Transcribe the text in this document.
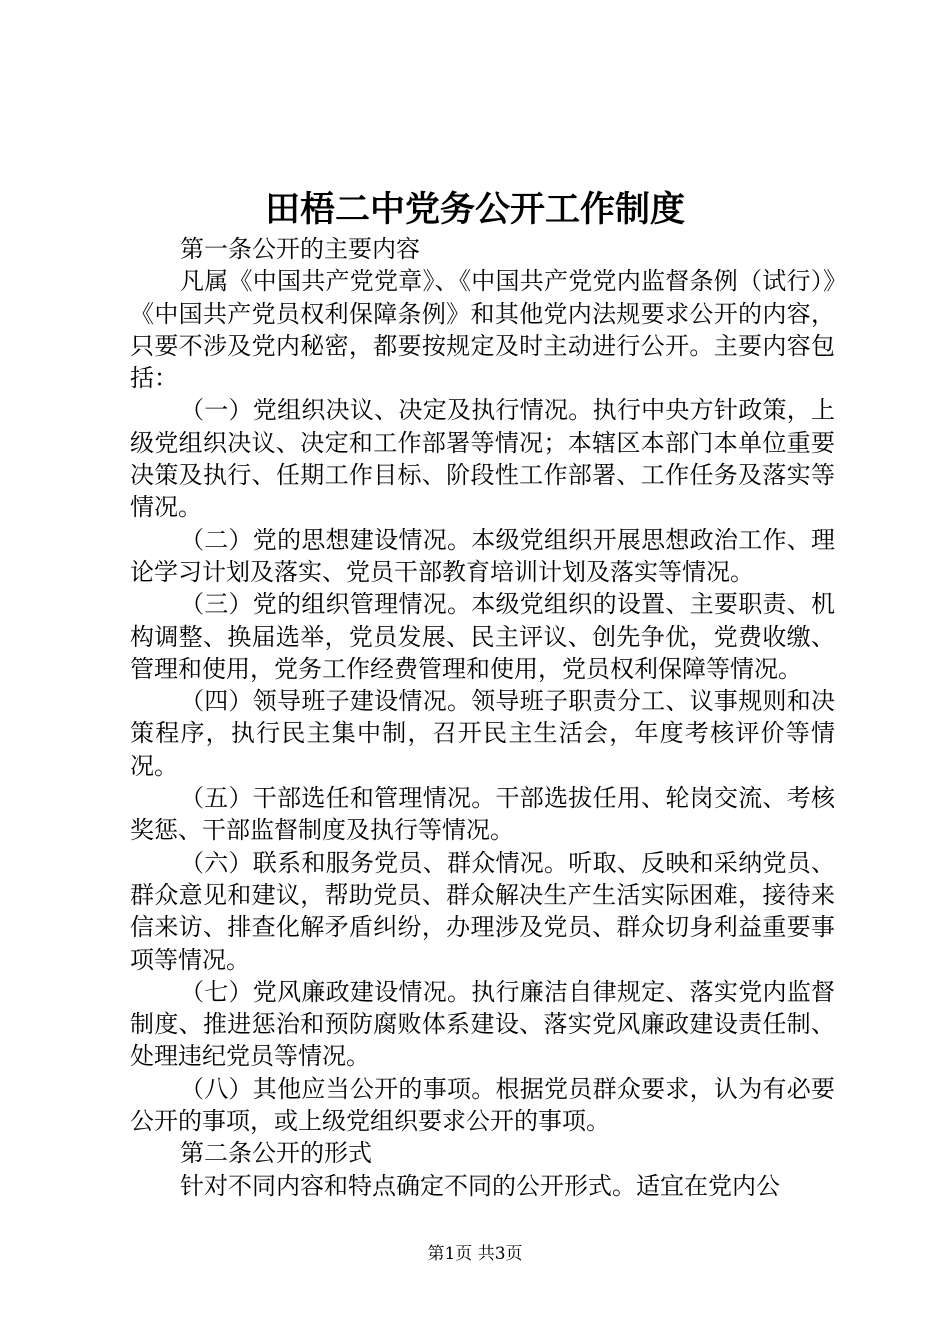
田梧二中党务公开工作制度

第一条公开的主要内容

凡属《中国共产党党章》、《中国共产党党内监督条例（试行）》《中国共产党员权利保障条例》和其他党内法规要求公开的内容，只要不涉及党内秘密，都要按规定及时主动进行公开。主要内容包括：

（一）党组织决议、决定及执行情况。执行中央方针政策，上级党组织决议、决定和工作部署等情况；本辖区本部门本单位重要决策及执行、任期工作目标、阶段性工作部署、工作任务及落实等情况。

（二）党的思想建设情况。本级党组织开展思想政治工作、理论学习计划及落实、党员干部教育培训计划及落实等情况。

（三）党的组织管理情况。本级党组织的设置、主要职责、机构调整、换届选举，党员发展、民主评议、创先争优，党费收缴、管理和使用，党务工作经费管理和使用，党员权利保障等情况。

（四）领导班子建设情况。领导班子职责分工、议事规则和决策程序，执行民主集中制，召开民主生活会，年度考核评价等情况。

（五）干部选任和管理情况。干部选拔任用、轮岗交流、考核奖惩、干部监督制度及执行等情况。

（六）联系和服务党员、群众情况。听取、反映和采纳党员、群众意见和建议，帮助党员、群众解决生产生活实际困难，接待来信来访、排查化解矛盾纠纷，办理涉及党员、群众切身利益重要事项等情况。

（七）党风廉政建设情况。执行廉洁自律规定、落实党内监督制度、推进惩治和预防腐败体系建设、落实党风廉政建设责任制、处理违纪党员等情况。

（八）其他应当公开的事项。根据党员群众要求，认为有必要公开的事项，或上级党组织要求公开的事项。

第二条公开的形式

针对不同内容和特点确定不同的公开形式。适宜在党内公

第1页 共3页
